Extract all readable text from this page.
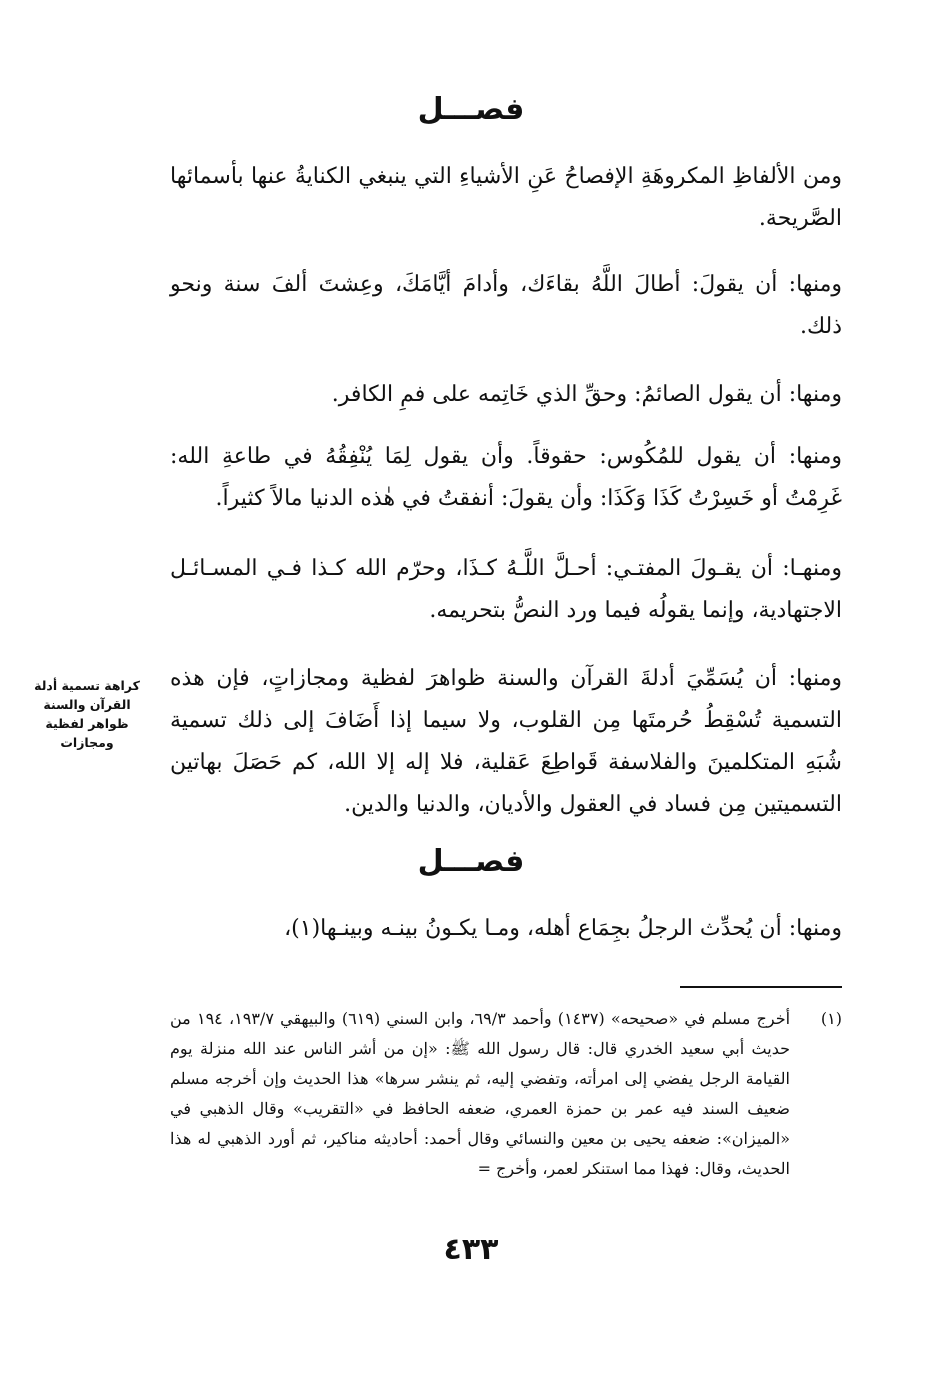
فصـــل

ومن الألفاظِ المكروهَةِ الإفصاحُ عَنِ الأشياءِ التي ينبغي الكنايةُ عنها بأسمائها الصَّريحة.

ومنها: أن يقولَ: أطالَ اللَّهُ بقاءَك، وأدامَ أيَّامَكَ، وعِشتَ ألفَ سنة ونحو ذلك.

ومنها: أن يقول الصائمُ: وحقِّ الذي خَاتِمه على فمِ الكافر.

ومنها: أن يقول للمُكُوس: حقوقاً. وأن يقول لِمَا يُنْفِقُهُ في طاعةِ الله: غَرِمْتُ أو خَسِرْتُ كَذَا وَكَذَا: وأن يقولَ: أنفقتُ في هٰذه الدنيا مالاً كثيراً.

ومنهـا: أن يقـولَ المفتـي: أحـلَّ اللَّـهُ كـذَا، وحرّم الله كـذا فـي المسـائـل الاجتهادية، وإنما يقولُه فيما ورد النصُّ بتحريمه.

ومنها: أن يُسَمِّيَ أدلةَ القرآن والسنة ظواهرَ لفظية ومجازاتٍ، فإن هذه التسمية تُسْقِطُ حُرمتَها مِن القلوب، ولا سيما إذا أَضَافَ إلى ذلك تسمية شُبَهِ المتكلمينَ والفلاسفة قَواطِعَ عَقلية، فلا إله إلا الله، كم حَصَلَ بهاتين التسميتين مِن فساد في العقول والأديان، والدنيا والدين.

كراهة تسمية أدلة القرآن والسنة ظواهر لفظية ومجازات
فصـــل

ومنها: أن يُحدِّث الرجلُ بجِمَاع أهله، ومـا يكـونُ بينـه وبينـها(١)،

(١)
أخرج مسلم في «صحيحه» (١٤٣٧) وأحمد ٦٩/٣، وابن السني (٦١٩) والبيهقي ١٩٣/٧، ١٩٤ من حديث أبي سعيد الخدري قال: قال رسول الله ﷺ: «إن من أشر الناس عند الله منزلة يوم القيامة الرجل يفضي إلى امرأته، وتفضي إليه، ثم ينشر سرها» هذا الحديث وإن أخرجه مسلم ضعيف السند فيه عمر بن حمزة العمري، ضعفه الحافظ في «التقريب» وقال الذهبي في «الميزان»: ضعفه يحيى بن معين والنسائي وقال أحمد: أحاديثه مناكير، ثم أورد الذهبي له هذا الحديث، وقال: فهذا مما استنكر لعمر، وأخرج =
٤٣٣
